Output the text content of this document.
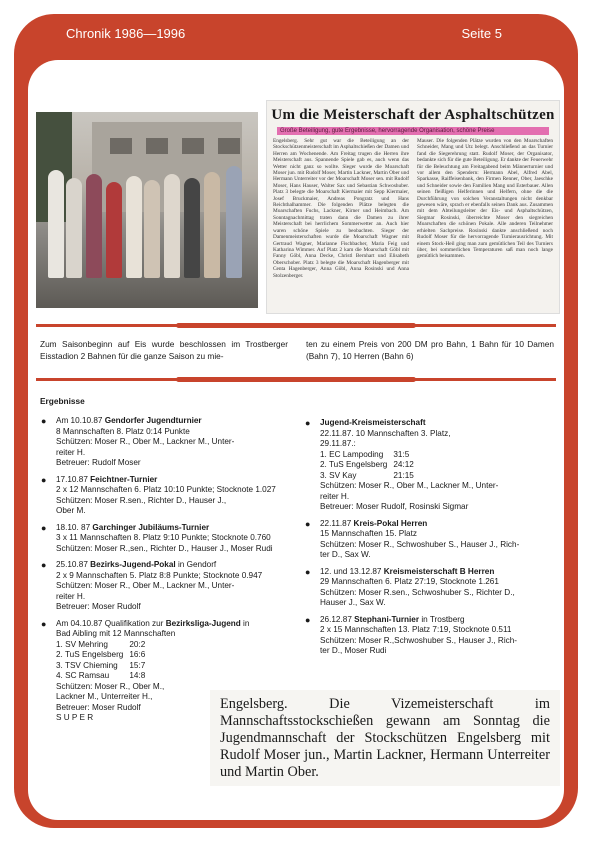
Chronik 1986—1996	Seite 5
Um die Meisterschaft der Asphaltschützen
Große Beteiligung, gute Ergebnisse, hervorragende Organisation, schöne Preise

Engelsberg. Sehr gut war die Beteiligung an der Stockschützenmeisterschaft im Asphaltschießen der Damen und Herren am Wochenende. Am Freitag trugen die Herren ihre Meisterschaft aus. Spannende Spiele gab es, auch wenn das Wetter nicht ganz so wollte. Sieger wurde die Moarschaft Moser jun. mit Rudolf Moser, Martin Lackner, Martin Ober und Hermann Unterreiter vor der Moarschaft Moser sen. mit Rudolf Moser, Hans Hauser, Walter Sax und Sebastian Schwoshuber. Platz 3 belegte die Moarschaft Kiermaier mit Sepp Kiermaier, Josef Bruckmaier, Andreas Pongratz und Hans Reichthalhammer. Die folgenden Plätze belegten die Moarschaften Fuchs, Lackner, Kirner und Heimbach. Am Sonntagnachmittag traten dann die Damen zu ihrer Meisterschaft bei herrlichem Sommerwetter an. Auch hier waren schöne Spiele zu beobachten. Sieger der Damenmeisterschaften wurde die Moarschaft Wagner mit Gertraud Wagner, Marianne Fischbacher, Maria Feig und Katharina Wimmer. Auf Platz 2 kam die Moarschaft Göbl mit Fanny Göbl, Anna Decke, Christl Bernhart und Elisabeth Oberschober. Platz 3 belegte die Moarschaft Hagenberger mit Centa Hagenberger, Anna Göbl, Anna Rosinski und Anna Stolzenberger.

Mauser. Die folgenden Plätze wurden von den Moarschaften Schneider, Mang und Utz belegt. Anschließend an das Turnier fand die Siegerehrung statt. Rudolf Moser, der Organisator, bedankte sich für die gute Beteiligung. Er dankte der Feuerwehr für die Beleuchtung am Freitagabend beim Männerturnier und vor allem den Spendern: Hermann Abel, Alfred Abel, Sparkasse, Raiffeisenbank, den Firmen Renner, Ober, Jaeschke und Schneider sowie den Familien Mang und Esterbauer. Allen seinen fleißigen Helferinnen und Helfern, ohne die die Durchführung von solchen Veranstaltungen nicht denkbar gewesen wäre, sprach er ebenfalls seinen Dank aus. Zusammen mit dem Abteilungsleiter der Eis- und Asphaltschützen, Siegmar Rosinski, überreichte Moser den siegreichen Moarschaften die schönen Pokale. Alle anderen Teilnehmer erhielten Sachpreise. Rosinski dankte anschließend noch Rudolf Moser für die hervorragende Turnierausrichtung. Mit einem Stock-Heil ging man zum gemütlichen Teil des Turniers über, bei sommerlichen Temperaturen saß man noch lange gemütlich beisammen.

Zum Saisonbeginn auf Eis wurde beschlossen im Trostberger Eisstadion 2 Bahnen für die ganze Saison zu mie-
ten zu einem Preis von 200 DM pro Bahn, 1 Bahn für 10 Damen (Bahn 7), 10 Herren (Bahn 6)
Ergebnisse
● Am 10.10.87 Gendorfer Jugendturnier
8 Mannschaften 8. Platz 0:14 Punkte
Schützen: Moser R., Ober M., Lackner M., Unter-
reiter H.
Betreuer: Rudolf Moser
● 17.10.87 Feichtner-Turnier
2 x 12 Mannschaften 6. Platz 10:10 Punkte; Stocknote 1.027
Schützen: Moser R.sen., Richter D., Hauser J.,
Ober M.
● 18.10. 87 Garchinger Jubiläums-Turnier
3 x 11 Mannschaften 8. Platz 9:10 Punkte; Stocknote 0.760
Schützen: Moser R.,sen., Richter D., Hauser J., Moser Rudi
● 25.10.87 Bezirks-Jugend-Pokal in Gendorf
2 x 9 Mannschaften 5. Platz 8:8 Punkte; Stocknote 0.947
Schützen: Moser R., Ober M., Lackner M., Unter-
reiter H.
Betreuer: Moser Rudolf
● Am 04.10.87 Qualifikation zur Bezirksliga-Jugend in
Bad Aibling mit 12 Mannschaften
1. SV Mehring	20:2
2. TuS Engelsberg	16:6
3. TSV Chieming	15:7
4. SC Ramsau	14:8
Schützen: Moser R., Ober M.,
Lackner M., Unterreiter H.,
Betreuer: Moser Rudolf
S U P E R
● Jugend-Kreismeisterschaft
22.11.87. 10 Mannschaften 3. Platz,
29.11.87.:
1. EC Lampoding	31:5
2. TuS Engelsberg	24:12
3. SV Kay	21:15
Schützen: Moser R., Ober M., Lackner M., Unter-
reiter H.
Betreuer: Moser Rudolf, Rosinski Sigmar
● 22.11.87 Kreis-Pokal Herren
15 Mannschaften 15. Platz
Schützen: Moser R., Schwoshuber S., Hauser J., Rich-
ter D., Sax W.
● 12. und 13.12.87 Kreismeisterschaft B Herren
29 Mannschaften 6. Platz 27:19, Stocknote 1.261
Schützen: Moser R.sen., Schwoshuber S., Richter D.,
Hauser J., Sax W.
● 26.12.87 Stephani-Turnier in Trostberg
2 x 15 Mannschaften 13. Platz 7:19, Stocknote 0.511
Schützen: Moser R.,Schwoshuber S., Hauser J., Rich-
ter D., Moser Rudi
Engelsberg. Die Vizemeisterschaft im Mannschaftsstockschießen gewann am Sonntag die Jugendmannschaft der Stockschützen Engelsberg mit Rudolf Moser jun., Martin Lackner, Hermann Unterreiter und Martin Ober.
